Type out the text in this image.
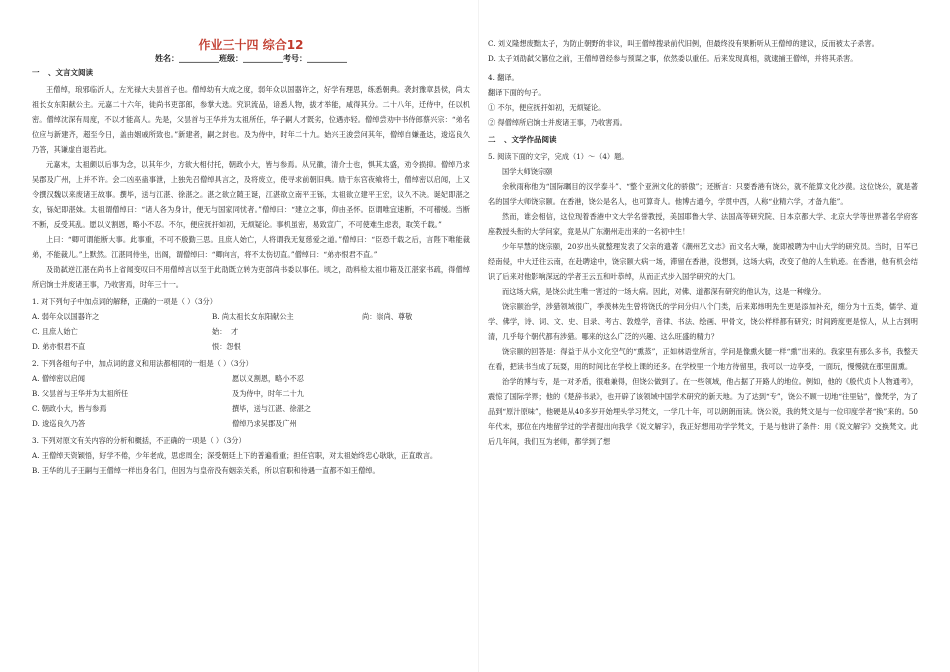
作业三十四 综合12
姓名：__________班级：__________考号：__________
一 、文言文阅读

王僧绰，琅邪临沂人，左光禄大夫昙首子也。僧绰幼有大成之度，弱年众以国器许之，好学有理思，练悉朝典。袭封豫章县侯，尚太祖长女东阳献公主。元嘉二十六年，徙尚书吏部郎，参掌大选。究识流品，谙悉人物，拔才举能，咸得其分。二十八年，迁侍中，任以机密。僧绰沈深有局度，不以才能高人。先是，父昙首与王华并为太祖所任，华子嗣人才既劣，位遇亦轻。僧绰尝劝中书侍郎蔡兴宗：“弟名位应与新建齐，超至今日，盖由姻戚所致也。”新建者，嗣之封也。及为侍中，时年二十九。始兴王浚尝问其年，僧绰自嫌蚤达，逡巡良久乃答，其谦虚自退若此。

元嘉末，太祖颇以后事为念，以其年少，方欲大相付托，朝政小大，皆与参焉。从兄徽，清介士也，惧其太盛，劝令损抑。僧绰乃求吴郡及广州，上并不许。会二凶巫蛊事泄，上独先召僧绰具言之，及将废立，使寻求前朝旧典。励于东宫夜飨将士，僧绰密以启闻，上又令撰汉魏以来废诸王故事。撰毕，送与江湛、徐湛之。湛之欲立随王诞，江湛欲立南平王铄，太祖欲立建平王宏，议久不决。诞妃即湛之女，铄妃即湛妹。太祖谓僧绰曰：“诸人各为身计，便无与国家同忧者。”僧绰曰：“建立之事，仰由圣怀。臣谓唯宜速断，不可稽缓。当断不断，反受其乱。愿以义割恩，略小不忍。不尔，便应抚扞如初，无烦疑论。事机虽密，易致宣广，不可使难生虑表，取笑千载。”

上曰：“卿可谓能断大事。此事重，不可不殷勤三思。且庶人始亡，人将谓我无复慈爱之道。”僧绰曰：“臣恐千载之后，言陛下唯能裁弟，不能裁儿。”上默然。江湛同侍坐，出阁，谓僧绰曰：“卿向言，将不太伤切直。”僧绰曰：“弟亦恨君不直。”

及劭弑逆江湛在尚书上省闻变叹曰不用僧绰言以至于此劭既立转为吏部尚书委以事任。顷之，劭料检太祖巾箱及江湛家书疏，得僧绰所启饷士并废诸王事，乃收害焉，时年三十一。

1. 对下列句子中加点词的解释，正确的一项是（ ）（3分）

A. 弱年众以国器许之	B. 尚太祖长女东阳献公主	尚：崇尚、尊敬
C. 且庶人始亡	始：  才
D. 弟亦恨君不直	恨：怨恨

2. 下列各组句子中，加点词的意义和用法都相同的一组是（ ）（3分）

A. 僧绰密以启闻	愿以义割恩，略小不忍
B. 父昙首与王华并为太祖所任	及为侍中，时年二十九
C. 朝政小大，皆与参焉	撰毕，送与江湛、徐湛之
D. 逡巡良久乃答	僧绰乃求吴郡及广州

3. 下列对原文有关内容的分析和概括，不正确的一项是（ ）（3分）

A. 王僧绰天资颖悟，好学不倦，少年老成，思虑周全；深受朝廷上下的普遍看重；担任官职，对太祖始终忠心耿耿，正直敢言。

B. 王华的儿子王嗣与王僧绰一样出身名门，但因为与皇帝没有姻亲关系，所以官职和待遇一直都不如王僧绰。

C. 刘义隆想废黜太子，为防止朝野的非议，叫王僧绰搜录前代旧例，但最终没有果断听从王僧绰的建议，反而被太子杀害。

D. 太子刘劭弑父篡位之前，王僧绰曾经参与预谋之事，依然委以重任。后来发现真相，就逮捕王僧绰，并将其杀害。

4. 翻译。

翻译下面的句子。

① 不尔，便应抚扞如初，无烦疑论。

② 得僧绰所启饷士并废诸王事，乃收害焉。

二 、文学作品阅读

5. 阅读下面的文字，完成（1）～（4）题。

国学大师饶宗颐

余秋雨称他为“国际瞩目的汉学泰斗”、“整个亚洲文化的骄傲”；还断言：只要香港有饶公，就不能算文化沙漠。这位饶公，就是著名的国学大师饶宗颐。在香港，饶公是名人，也可算奇人。他博古通今，学贯中西，人称“业精六学，才备九能”。

然而，谁会相信，这位现着香港中文大学名誉教授，美国耶鲁大学、法国高等研究院、日本京都大学、北京大学等世界著名学府客座教授头衔的大学问家，竟是从广东潮州走出来的一名初中生！

少年早慧的饶宗颐，20岁出头就整理发表了父亲的遗著《潮州艺文志》而文名大噪，旋即被聘为中山大学的研究员。当时，日军已经南侵，中大迁往云南，在赴聘途中，饶宗颐大病一场，滞留在香港，没想到，这场大病，改变了他的人生轨迹。在香港，他有机会结识了后来对他影响深远的学者王云五和叶恭绰，从而正式步入国学研究的大门。

而这场大病，是饶公此生唯一害过的一场大病。因此，对佛、道都深有研究的他认为，这是一种缘分。

饶宗颐治学，涉猎领域很广，季羡林先生曾将饶氏的学问分归八个门类，后来郑炜明先生更是添加补充，细分为十五类，儒学、道学、佛学，诗、词、文、史、目录、考古、敦煌学，音律、书法、绘画、甲骨文，饶公样样都有研究；时间跨度更是惊人，从上古到明清，几乎每个朝代都有涉猎。哪来的这么广泛的兴趣、这么旺盛的精力？

饶宗颐的回答是：得益于从小文化空气的“熏蒸”，正如林语堂所言，学问是像熏火腿一样“熏”出来的。我家里有那么多书，我整天在看，把读书当成了玩耍，用的时间比在学校上课的还多。在学校里一个地方待留里，我可以一边享受，一面玩，慢慢就在那里面熏。

治学的博与专，是一对矛盾，很难兼得，但饶公做到了。在一些领域，他占据了开路人的地位。例如，他的《殷代贞卜人物通考》，震惊了国际学界；他的《楚辞书录》，也开辟了该领域中国学术研究的新天地。为了达到“专”，饶公不顾一切地“往里钻”，像梵学，为了品到“原汁原味”，他硬是从40多岁开始埋头学习梵文，一学几十年，可以朗朗而读。饶公说，我的梵文是与一位印度学者“换”来的。50年代末，那位在内地留学过的学者提出向我学《说文解字》，我正好想用功学学梵文，于是与他讲了条件：用《说文解字》交换梵文。此后几年间，我们互为老师，都学到了想
